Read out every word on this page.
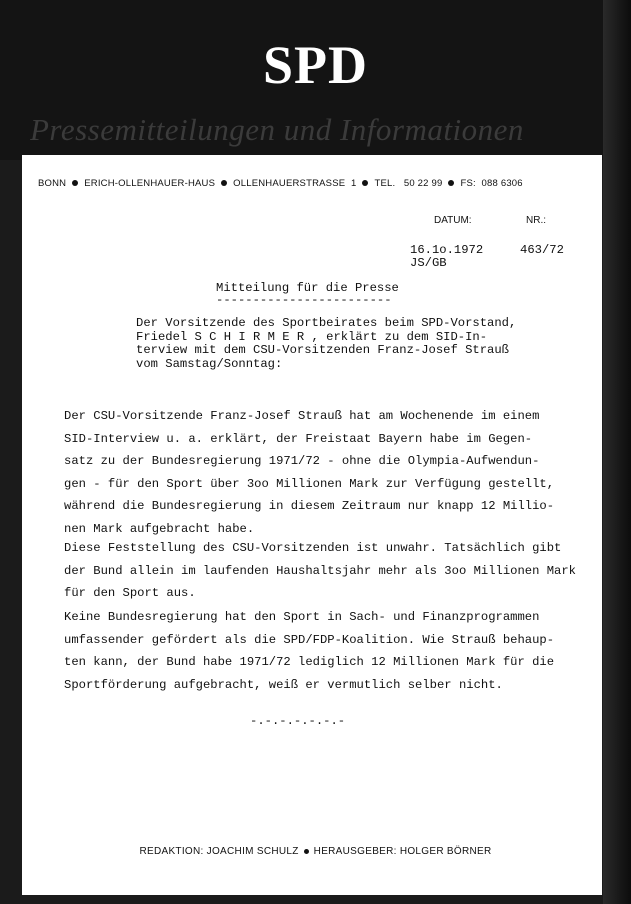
SPD
Pressemitteilungen und Informationen
BONN ERICH-OLLENHAUER-HAUS OLLENHAUERSTRASSE 1 TEL. 50 22 99 FS: 088 6306
DATUM:	NR.:
16.1o.1972	463/72
JS/GB
Mitteilung für die Presse
------------------------
Der Vorsitzende des Sportbeirates beim SPD-Vorstand,
Friedel S C H I R M E R , erklärt zu dem SID-In-
terview mit dem CSU-Vorsitzenden Franz-Josef Strauß
vom Samstag/Sonntag:
Der CSU-Vorsitzende Franz-Josef Strauß hat am Wochenende im einem
SID-Interview u. a. erklärt, der Freistaat Bayern habe im Gegen-
satz zu der Bundesregierung 1971/72 - ohne die Olympia-Aufwendun-
gen - für den Sport über 3oo Millionen Mark zur Verfügung gestellt,
während die Bundesregierung in diesem Zeitraum nur knapp 12 Millio-
nen Mark aufgebracht habe.
Diese Feststellung des CSU-Vorsitzenden ist unwahr. Tatsächlich gibt
der Bund allein im laufenden Haushaltsjahr mehr als 3oo Millionen Mark
für den Sport aus.
Keine Bundesregierung hat den Sport in Sach- und Finanzprogrammen
umfassender gefördert als die SPD/FDP-Koalition. Wie Strauß behaup-
ten kann, der Bund habe 1971/72 lediglich 12 Millionen Mark für die
Sportförderung aufgebracht, weiß er vermutlich selber nicht.
-.-.-.-.-.-.-
REDAKTION: JOACHIM SCHULZ HERAUSGEBER: HOLGER BÖRNER
